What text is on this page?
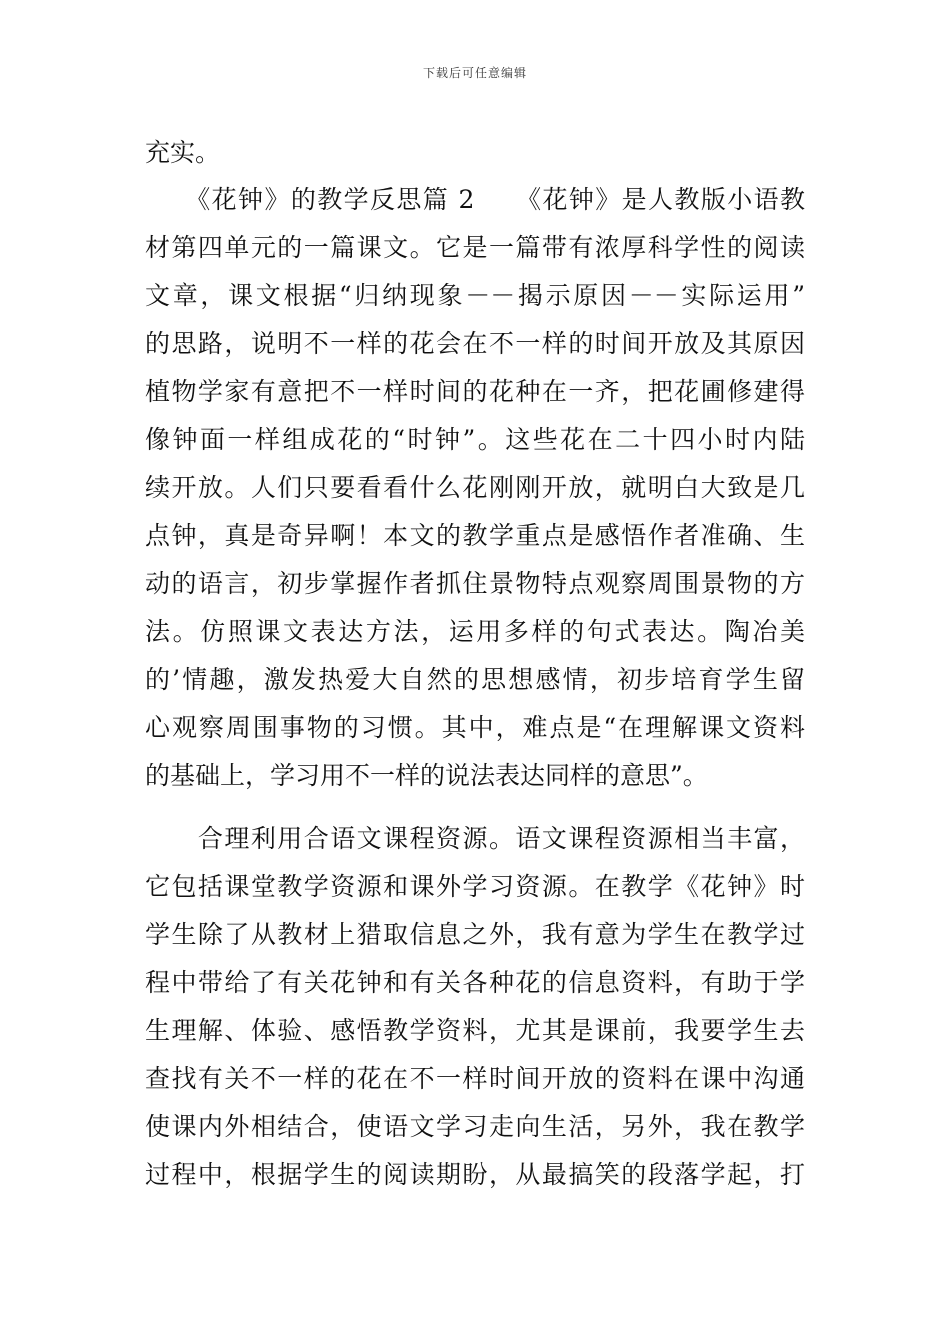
下载后可任意编辑
充实。
　　《花钟》的教学反思篇 2　　《花钟》是人教版小语教
材第四单元的一篇课文。它是一篇带有浓厚科学性的阅读
文章，课文根据“归纳现象－－揭示原因－－实际运用”
的思路，说明不一样的花会在不一样的时间开放及其原因
植物学家有意把不一样时间的花种在一齐，把花圃修建得
像钟面一样组成花的“时钟”。这些花在二十四小时内陆
续开放。人们只要看看什么花刚刚开放，就明白大致是几
点钟，真是奇异啊！本文的教学重点是感悟作者准确、生
动的语言，初步掌握作者抓住景物特点观察周围景物的方
法。仿照课文表达方法，运用多样的句式表达。陶冶美
的’情趣，激发热爱大自然的思想感情，初步培育学生留
心观察周围事物的习惯。其中，难点是“在理解课文资料
的基础上，学习用不一样的说法表达同样的意思”。
　　合理利用合语文课程资源。语文课程资源相当丰富，
它包括课堂教学资源和课外学习资源。在教学《花钟》时
学生除了从教材上猎取信息之外，我有意为学生在教学过
程中带给了有关花钟和有关各种花的信息资料，有助于学
生理解、体验、感悟教学资料，尤其是课前，我要学生去
查找有关不一样的花在不一样时间开放的资料在课中沟通
使课内外相结合，使语文学习走向生活，另外，我在教学
过程中，根据学生的阅读期盼，从最搞笑的段落学起，打
